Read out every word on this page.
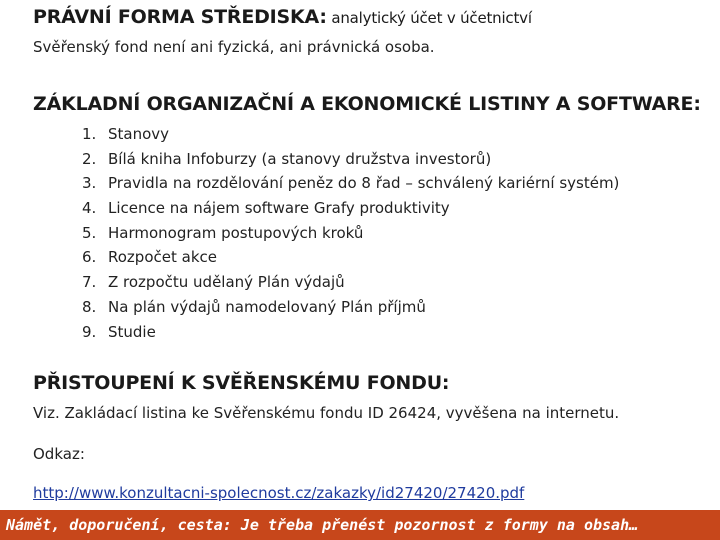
PRÁVNÍ FORMA STŘEDISKA: analytický účet v účetnictví
Svěřenský fond není ani fyzická, ani právnická osoba.
ZÁKLADNÍ ORGANIZAČNÍ A EKONOMICKÉ LISTINY A SOFTWARE:
1. Stanovy
2. Bílá kniha Infoburzy (a stanovy družstva investorů)
3. Pravidla na rozdělování peněz do 8 řad – schválený kariérní systém)
4. Licence na nájem software Grafy produktivity
5. Harmonogram postupových kroků
6. Rozpočet akce
7. Z rozpočtu udělaný Plán výdajů
8. Na plán výdajů namodelovaný Plán příjmů
9. Studie
PŘISTOUPENÍ K SVĚŘENSKÉMU FONDU:
Viz. Zakládací listina ke Svěřenskému fondu ID 26424, vyvěšena na internetu.
Odkaz:
http://www.konzultacni-spolecnost.cz/zakazky/id27420/27420.pdf
Námět, doporučení, cesta: Je třeba přenést pozornost z formy na obsah…
